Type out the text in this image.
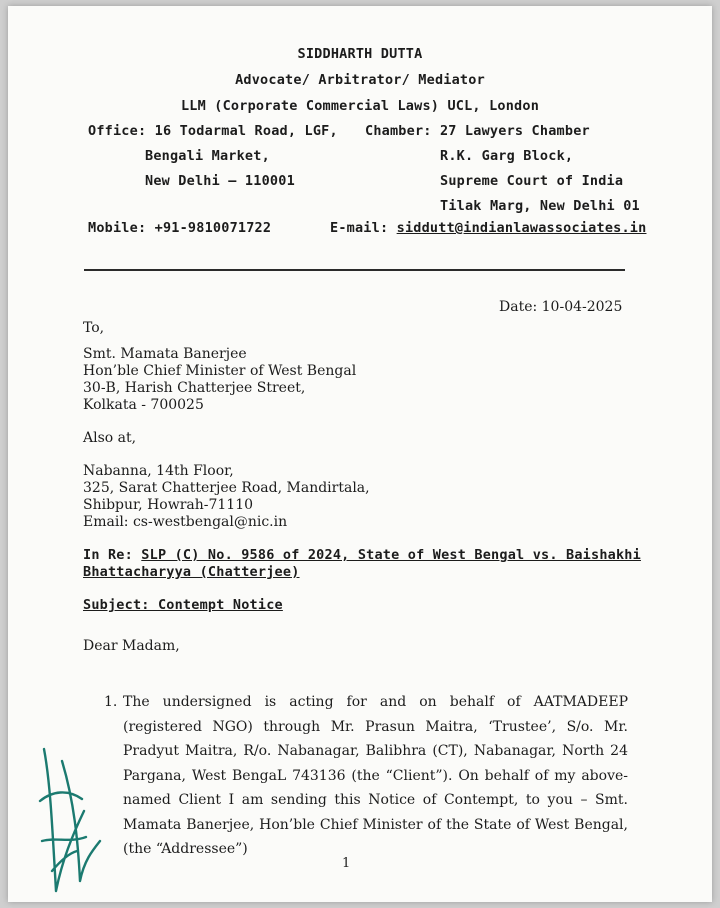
SIDDHARTH DUTTA
Advocate/ Arbitrator/ Mediator
LLM (Corporate Commercial Laws) UCL, London
Office: 16 Todarmal Road, LGF,
Bengali Market,
New Delhi – 110001
Chamber: 27 Lawyers Chamber
R.K. Garg Block,
Supreme Court of India
Tilak Marg, New Delhi 01
Mobile: +91-9810071722	E-mail: siddutt@indianlawassociates.in
Date: 10-04-2025
To,
Smt. Mamata Banerjee
Hon’ble Chief Minister of West Bengal
30-B, Harish Chatterjee Street,
Kolkata - 700025
Also at,
Nabanna, 14th Floor,
325, Sarat Chatterjee Road, Mandirtala,
Shibpur, Howrah-71110
Email: cs-westbengal@nic.in
In Re: SLP (C) No. 9586 of 2024, State of West Bengal vs. Baishakhi
Bhattacharyya (Chatterjee)
Subject: Contempt Notice
Dear Madam,
1. The undersigned is acting for and on behalf of AATMADEEP (registered NGO) through Mr. Prasun Maitra, ‘Trustee’, S/o. Mr. Pradyut Maitra, R/o. Nabanagar, Balibhra (CT), Nabanagar, North 24 Pargana, West BengaL 743136 (the “Client”). On behalf of my above-named Client I am sending this Notice of Contempt, to you – Smt. Mamata Banerjee, Hon’ble Chief Minister of the State of West Bengal, (the “Addressee”)
1
